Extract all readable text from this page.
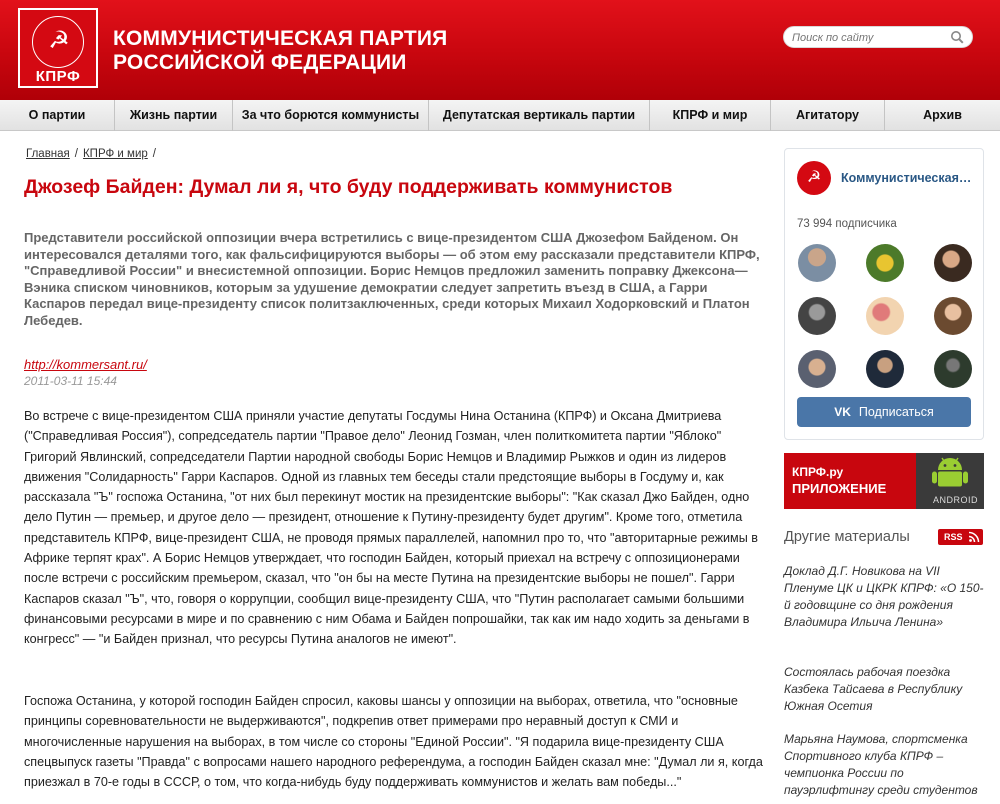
☭
КПРФ
КОММУНИСТИЧЕСКАЯ ПАРТИЯ
РОССИЙСКОЙ ФЕДЕРАЦИИ
Поиск по сайту
О партии	Жизнь партии	За что борются коммунисты	Депутатская вертикаль партии	КПРФ и мир	Агитатору	Архив
Главная / КПРФ и мир /
Джозеф Байден: Думал ли я, что буду поддерживать коммунистов
Представители российской оппозиции вчера встретились с вице-президентом США Джозефом Байденом. Он интересовался деталями того, как фальсифицируются выборы — об этом ему рассказали представители КПРФ, "Справедливой России" и внесистемной оппозиции. Борис Немцов предложил заменить поправку Джексона—Вэника списком чиновников, которым за удушение демократии следует запретить въезд в США, а Гарри Каспаров передал вице-президенту список политзаключенных, среди которых Михаил Ходорковский и Платон Лебедев.
http://kommersant.ru/
2011-03-11 15:44
Во встрече с вице-президентом США приняли участие депутаты Госдумы Нина Останина (КПРФ) и Оксана Дмитриева ("Справедливая Россия"), сопредседатель партии "Правое дело" Леонид Гозман, член политкомитета партии "Яблоко" Григорий Явлинский, сопредседатели Партии народной свободы Борис Немцов и Владимир Рыжков и один из лидеров движения "Солидарность" Гарри Каспаров. Одной из главных тем беседы стали предстоящие выборы в Госдуму и, как рассказала "Ъ" госпожа Останина, "от них был перекинут мостик на президентские выборы": "Как сказал Джо Байден, одно дело Путин — премьер, и другое дело — президент, отношение к Путину-президенту будет другим". Кроме того, отметила представитель КПРФ, вице-президент США, не проводя прямых параллелей, напомнил про то, что "авторитарные режимы в Африке терпят крах". А Борис Немцов утверждает, что господин Байден, который приехал на встречу с оппозиционерами после встречи с российским премьером, сказал, что "он бы на месте Путина на президентские выборы не пошел". Гарри Каспаров сказал "Ъ", что, говоря о коррупции, сообщил вице-президенту США, что "Путин располагает самыми большими финансовыми ресурсами в мире и по сравнению с ним Обама и Байден попрошайки, так как им надо ходить за деньгами в конгресс" — "и Байден признал, что ресурсы Путина аналогов не имеют".
Госпожа Останина, у которой господин Байден спросил, каковы шансы у оппозиции на выборах, ответила, что "основные принципы соревновательности не выдерживаются", подкрепив ответ примерами про неравный доступ к СМИ и многочисленные нарушения на выборах, в том числе со стороны "Единой России". "Я подарила вице-президенту США спецвыпуск газеты "Правда" с вопросами нашего народного референдума, а господин Байден сказал мне: "Думал ли я, когда приезжал в 70-е годы в СССР, о том, что когда-нибудь буду поддерживать коммунистов и желать вам победы..."
☭	Коммунистическая…
73 994 подписчика
VK Подписаться
КПРФ.ру
ПРИЛОЖЕНИЕ
ANDROID
Другие материалы	RSS
Доклад Д.Г. Новикова на VII Пленуме ЦК и ЦКРК КПРФ: «О 150-й годовщине со дня рождения Владимира Ильича Ленина»
Состоялась рабочая поездка Казбека Тайсаева в Республику Южная Осетия
Марьяна Наумова, спортсменка Спортивного клуба КПРФ – чемпионка России по пауэрлифтингу среди студентов
